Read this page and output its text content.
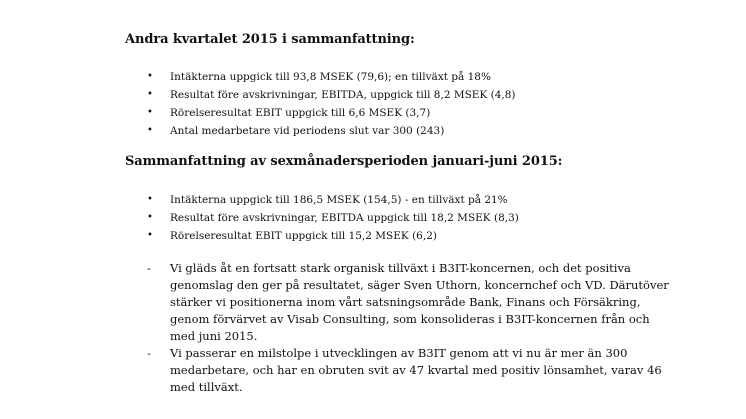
Andra kvartalet 2015 i sammanfattning:
• Intäkterna uppgick till 93,8 MSEK (79,6); en tillväxt på 18%
• Resultat före avskrivningar, EBITDA, uppgick till 8,2 MSEK (4,8)
• Rörelseresultat EBIT uppgick till 6,6 MSEK (3,7)
• Antal medarbetare vid periodens slut var 300 (243)
Sammanfattning av sexmånadersperioden januari-juni 2015:
• Intäkterna uppgick till 186,5 MSEK (154,5) - en tillväxt på 21%
• Resultat före avskrivningar, EBITDA uppgick till 18,2 MSEK (8,3)
• Rörelseresultat EBIT uppgick till 15,2 MSEK (6,2)
- Vi gläds åt en fortsatt stark organisk tillväxt i B3IT-koncernen, och det positiva genomslag den ger på resultatet, säger Sven Uthorn, koncernchef och VD. Därutöver stärker vi positionerna inom vårt satsningsområde Bank, Finans och Försäkring, genom förvärvet av Visab Consulting, som konsolideras i B3IT-koncernen från och med juni 2015.
- Vi passerar en milstolpe i utvecklingen av B3IT genom att vi nu är mer än 300 medarbetare, och har en obruten svit av 47 kvartal med positiv lönsamhet, varav 46 med tillväxt.
